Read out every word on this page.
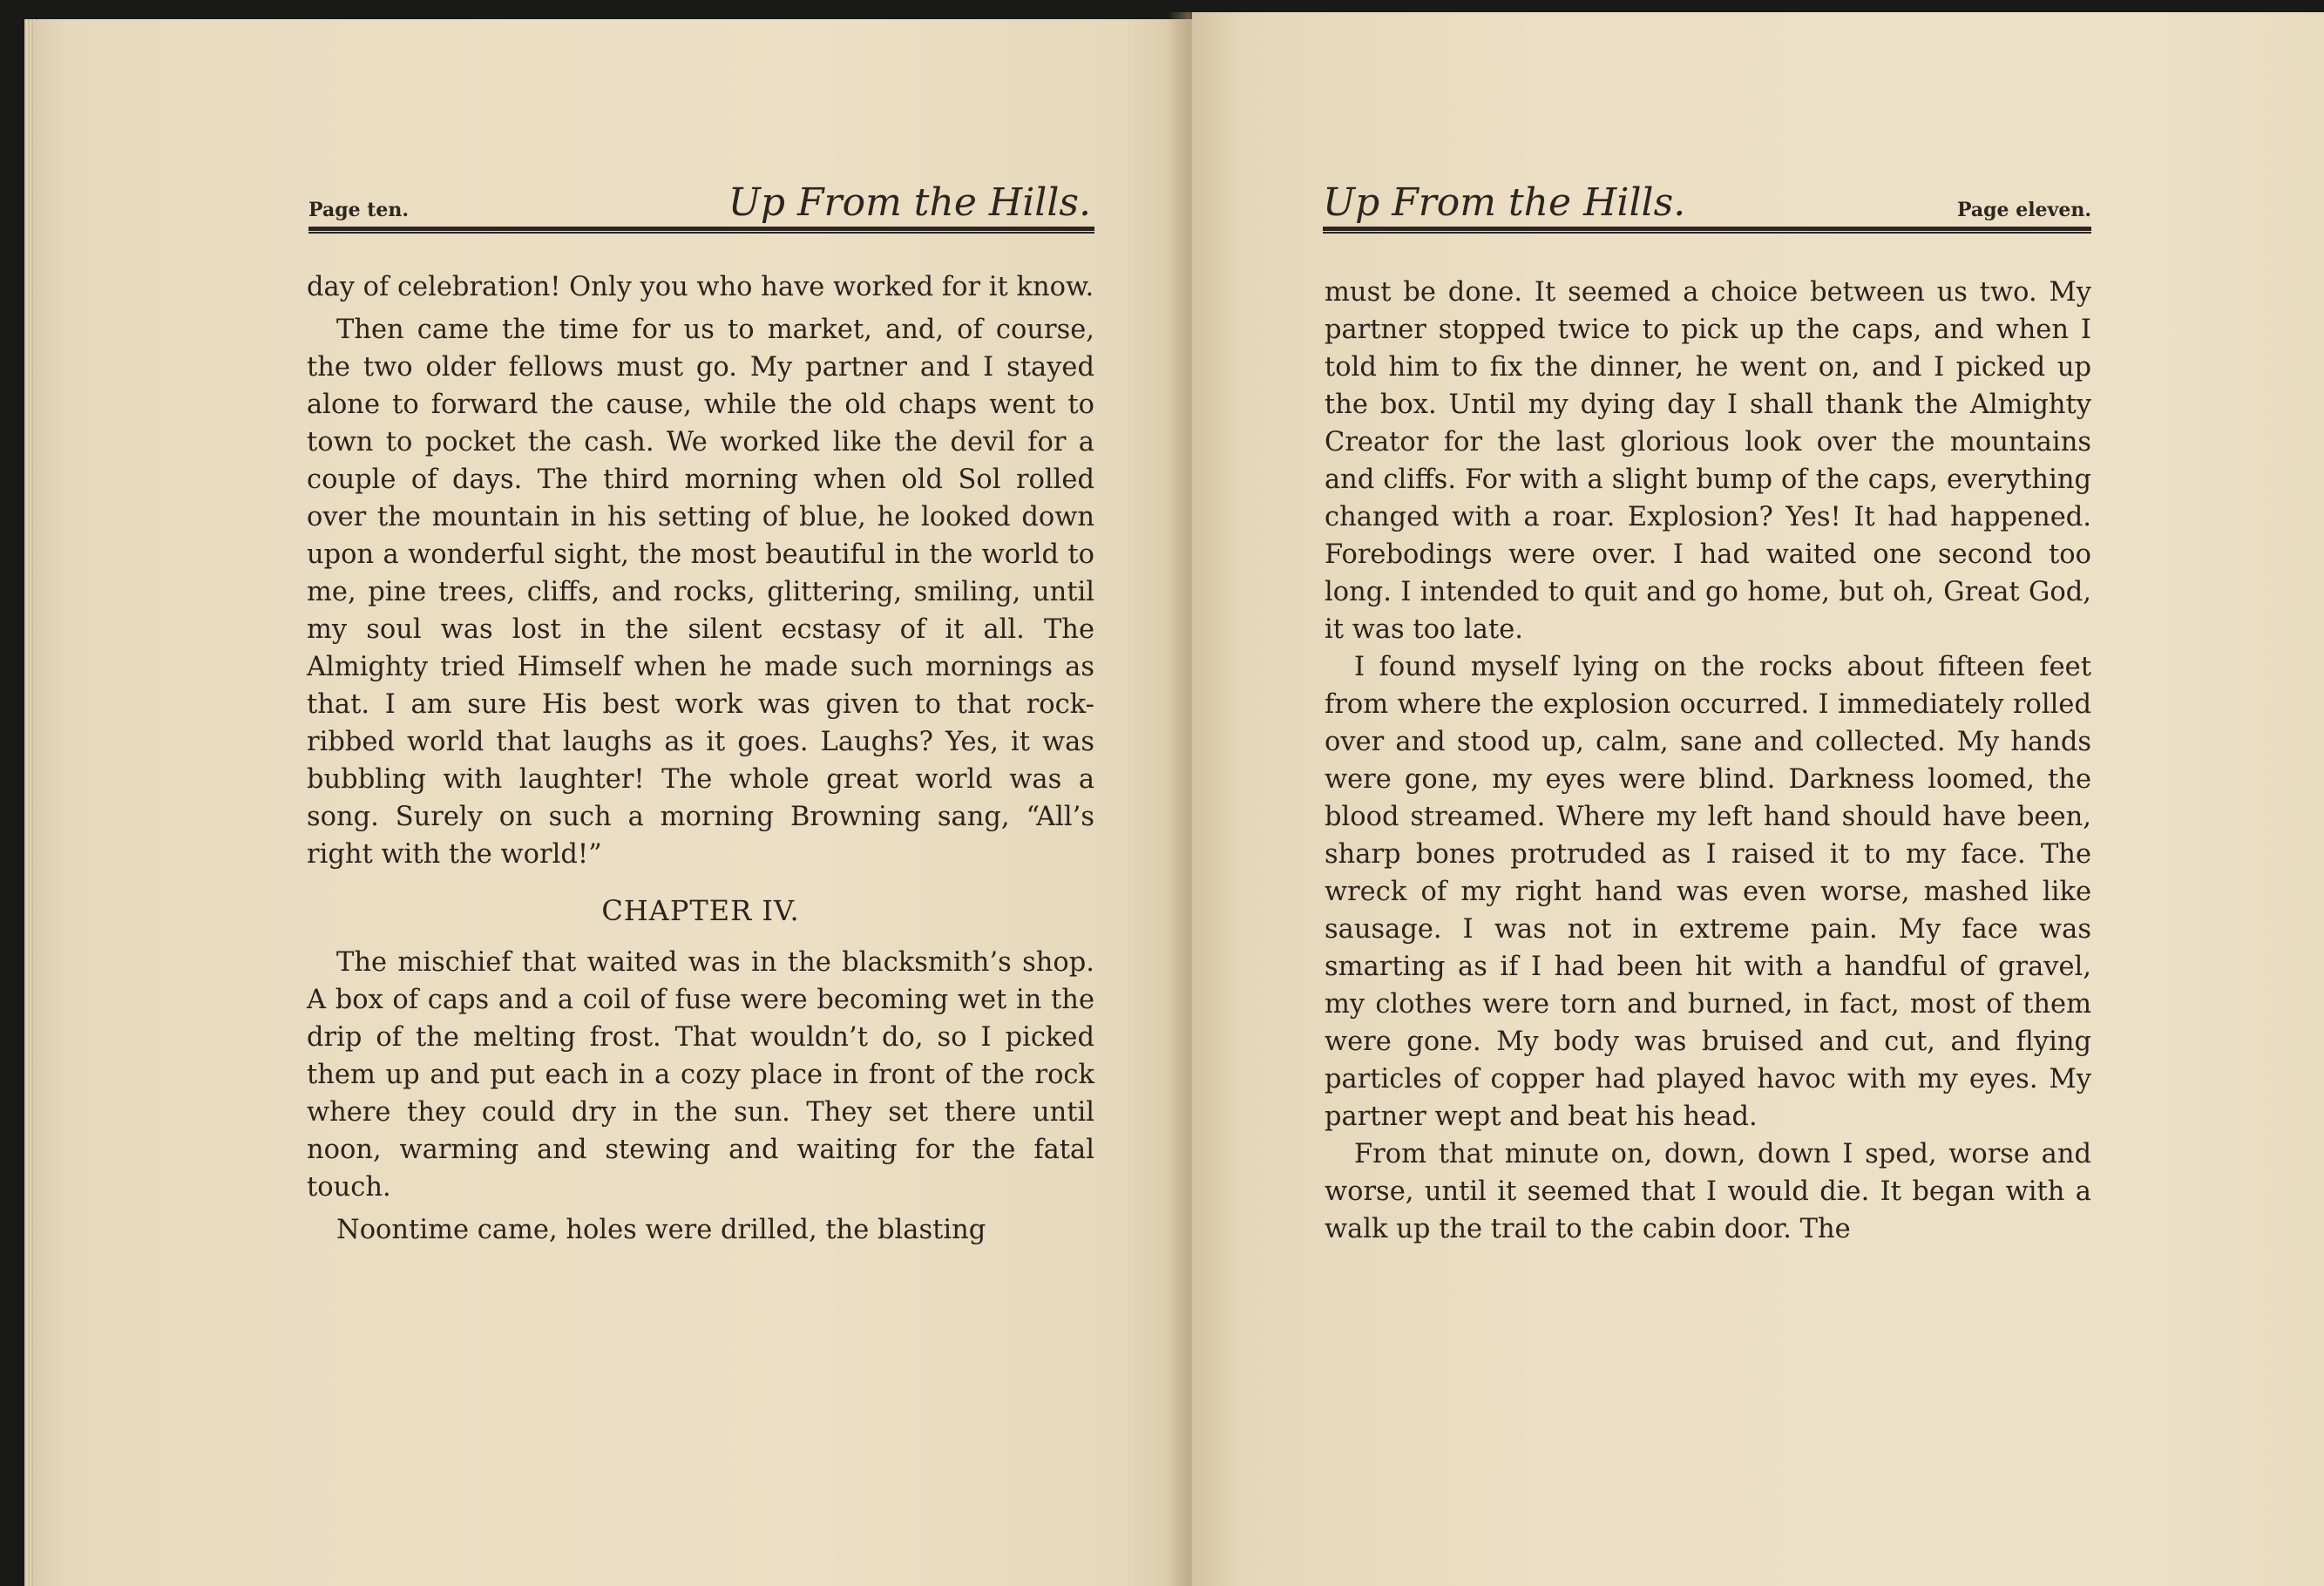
Page ten.	Up From the Hills.

day of celebration! Only you who have worked for it know.

Then came the time for us to market, and, of course, the two older fellows must go. My partner and I stayed alone to forward the cause, while the old chaps went to town to pocket the cash. We worked like the devil for a couple of days. The third morning when old Sol rolled over the mountain in his setting of blue, he looked down upon a wonderful sight, the most beautiful in the world to me, pine trees, cliffs, and rocks, glittering, smiling, until my soul was lost in the silent ecstasy of it all. The Almighty tried Himself when he made such mornings as that. I am sure His best work was given to that rock-ribbed world that laughs as it goes. Laughs? Yes, it was bubbling with laughter! The whole great world was a song. Surely on such a morning Browning sang, “All’s right with the world!”

CHAPTER IV.

The mischief that waited was in the blacksmith’s shop. A box of caps and a coil of fuse were becoming wet in the drip of the melting frost. That wouldn’t do, so I picked them up and put each in a cozy place in front of the rock where they could dry in the sun. They set there until noon, warming and stewing and waiting for the fatal touch.

Noontime came, holes were drilled, the blasting

Up From the Hills.	Page eleven.

must be done. It seemed a choice between us two. My partner stopped twice to pick up the caps, and when I told him to fix the dinner, he went on, and I picked up the box. Until my dying day I shall thank the Almighty Creator for the last glorious look over the mountains and cliffs. For with a slight bump of the caps, everything changed with a roar. Explosion? Yes! It had happened. Forebodings were over. I had waited one second too long. I intended to quit and go home, but oh, Great God, it was too late.

I found myself lying on the rocks about fifteen feet from where the explosion occurred. I immediately rolled over and stood up, calm, sane and collected. My hands were gone, my eyes were blind. Darkness loomed, the blood streamed. Where my left hand should have been, sharp bones protruded as I raised it to my face. The wreck of my right hand was even worse, mashed like sausage. I was not in extreme pain. My face was smarting as if I had been hit with a handful of gravel, my clothes were torn and burned, in fact, most of them were gone. My body was bruised and cut, and flying particles of copper had played havoc with my eyes. My partner wept and beat his head.

From that minute on, down, down I sped, worse and worse, until it seemed that I would die. It began with a walk up the trail to the cabin door. The
